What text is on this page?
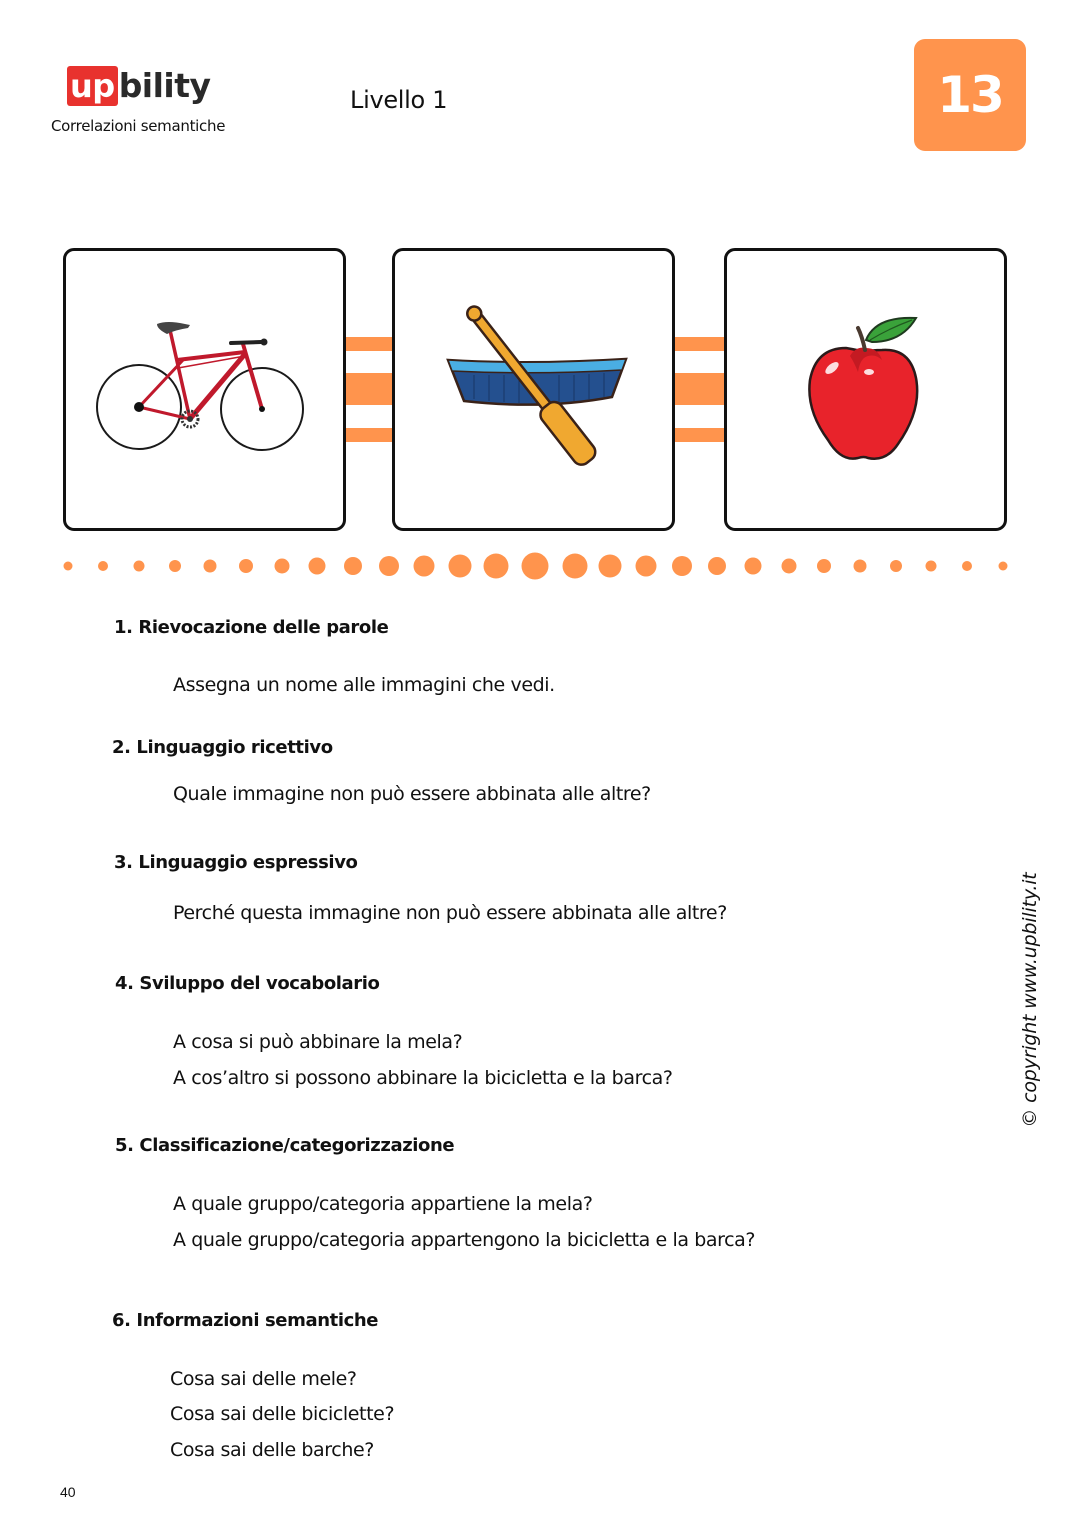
up bility
Correlazioni semantiche
Livello 1	13
1. Rievocazione delle parole
Assegna un nome alle immagini che vedi.
2. Linguaggio ricettivo
Quale immagine non può essere abbinata alle altre?
3. Linguaggio espressivo
Perché questa immagine non può essere abbinata alle altre?
4. Sviluppo del vocabolario
A cosa si può abbinare la mela?
A cos’altro si possono abbinare la bicicletta e la barca?
5. Classificazione/categorizzazione
A quale gruppo/categoria appartiene la mela?
A quale gruppo/categoria appartengono la bicicletta e la barca?
6. Informazioni semantiche
Cosa sai delle mele?
Cosa sai delle biciclette?
Cosa sai delle barche?
© copyright www.upbility.it
40
